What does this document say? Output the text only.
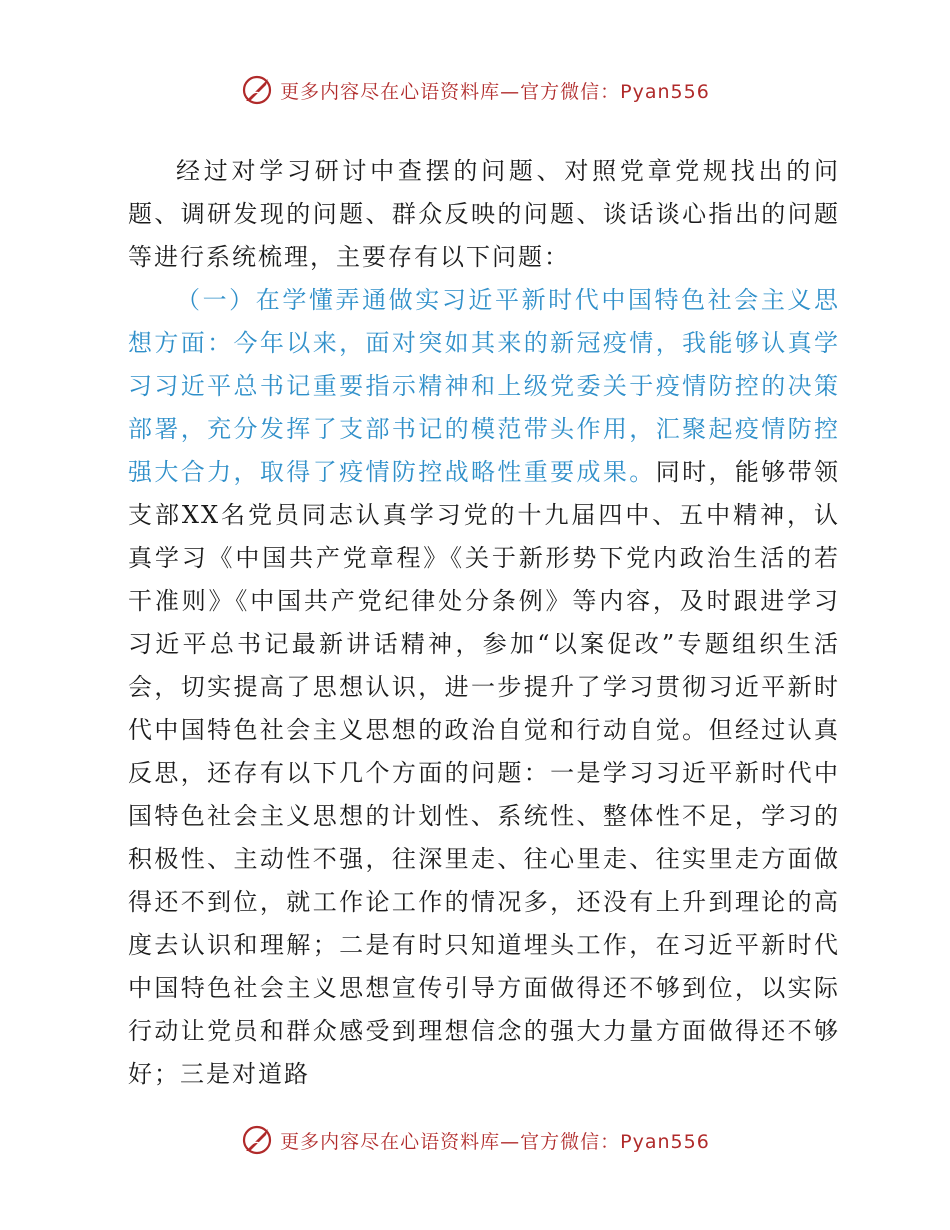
更多内容尽在心语资料库—官方微信：Pyan556

经过对学习研讨中查摆的问题、对照党章党规找出的问题、调研发现的问题、群众反映的问题、谈话谈心指出的问题等进行系统梳理，主要存有以下问题：

（一）在学懂弄通做实习近平新时代中国特色社会主义思想方面：今年以来，面对突如其来的新冠疫情，我能够认真学习习近平总书记重要指示精神和上级党委关于疫情防控的决策部署，充分发挥了支部书记的模范带头作用，汇聚起疫情防控强大合力，取得了疫情防控战略性重要成果。同时，能够带领支部XX名党员同志认真学习党的十九届四中、五中精神，认真学习《中国共产党章程》《关于新形势下党内政治生活的若干准则》《中国共产党纪律处分条例》等内容，及时跟进学习习近平总书记最新讲话精神，参加“以案促改”专题组织生活会，切实提高了思想认识，进一步提升了学习贯彻习近平新时代中国特色社会主义思想的政治自觉和行动自觉。但经过认真反思，还存有以下几个方面的问题：一是学习习近平新时代中国特色社会主义思想的计划性、系统性、整体性不足，学习的积极性、主动性不强，往深里走、往心里走、往实里走方面做得还不到位，就工作论工作的情况多，还没有上升到理论的高度去认识和理解；二是有时只知道埋头工作，在习近平新时代中国特色社会主义思想宣传引导方面做得还不够到位，以实际行动让党员和群众感受到理想信念的强大力量方面做得还不够好；三是对道路

更多内容尽在心语资料库—官方微信：Pyan556
